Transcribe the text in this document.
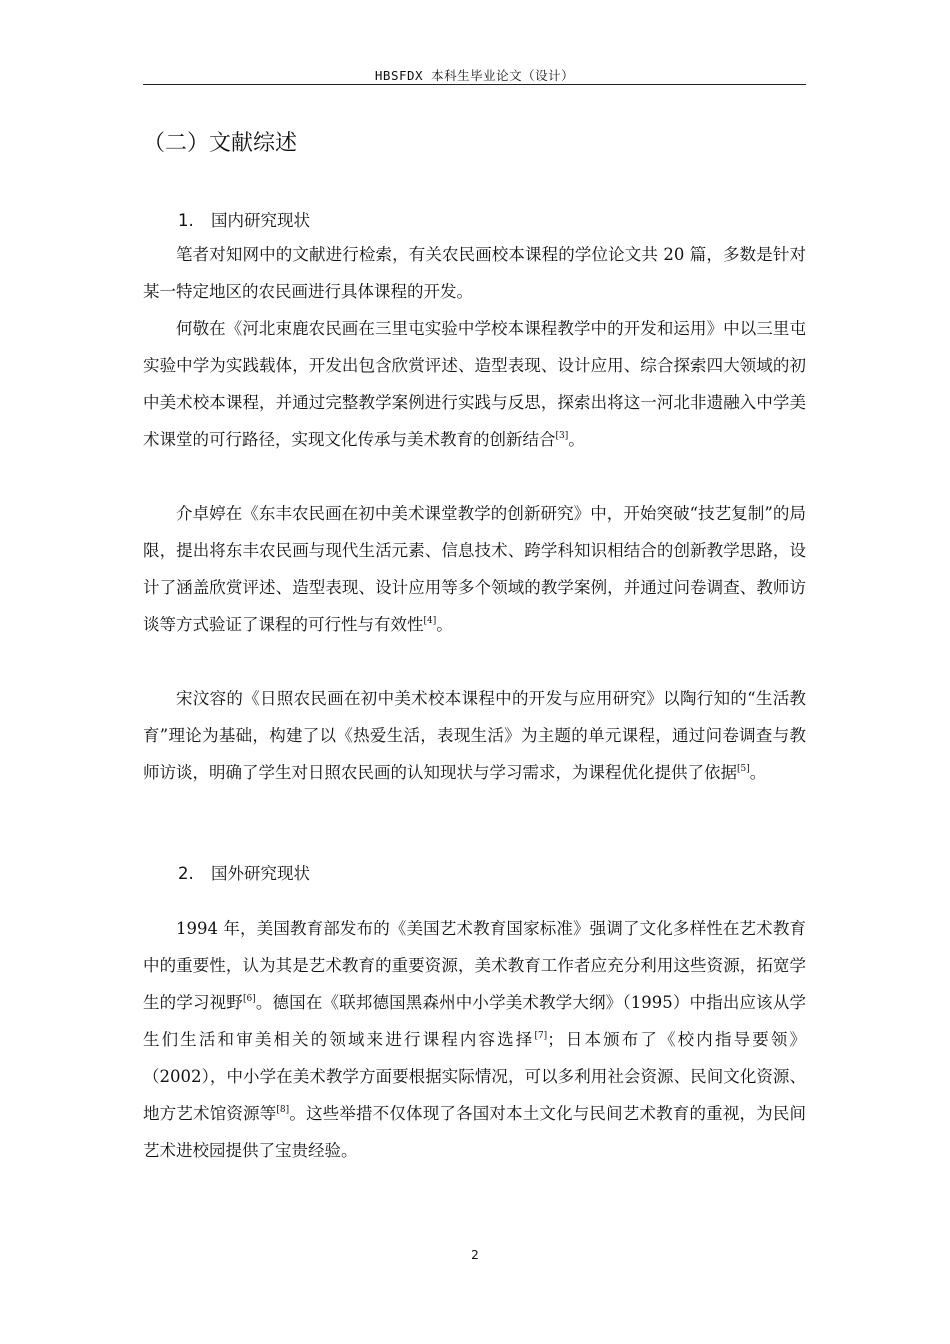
HBSFDX 本科生毕业论文（设计）
（二）文献综述
1. 国内研究现状

笔者对知网中的文献进行检索，有关农民画校本课程的学位论文共 20 篇，多数是针对某一特定地区的农民画进行具体课程的开发。

何敬在《河北束鹿农民画在三里屯实验中学校本课程教学中的开发和运用》中以三里屯实验中学为实践载体，开发出包含欣赏评述、造型表现、设计应用、综合探索四大领域的初中美术校本课程，并通过完整教学案例进行实践与反思，探索出将这一河北非遗融入中学美术课堂的可行路径，实现文化传承与美术教育的创新结合[3]。

介卓婷在《东丰农民画在初中美术课堂教学的创新研究》中，开始突破“技艺复制”的局限，提出将东丰农民画与现代生活元素、信息技术、跨学科知识相结合的创新教学思路，设计了涵盖欣赏评述、造型表现、设计应用等多个领域的教学案例，并通过问卷调查、教师访谈等方式验证了课程的可行性与有效性[4]。

宋汶容的《日照农民画在初中美术校本课程中的开发与应用研究》以陶行知的“生活教育”理论为基础，构建了以《热爱生活，表现生活》为主题的单元课程，通过问卷调查与教师访谈，明确了学生对日照农民画的认知现状与学习需求，为课程优化提供了依据[5]。

2. 国外研究现状

1994 年，美国教育部发布的《美国艺术教育国家标准》强调了文化多样性在艺术教育中的重要性，认为其是艺术教育的重要资源，美术教育工作者应充分利用这些资源，拓宽学生的学习视野[6]。德国在《联邦德国黑森州中小学美术教学大纲》（1995）中指出应该从学生们生活和审美相关的领域来进行课程内容选择[7]；日本颁布了《校内指导要领》（2002），中小学在美术教学方面要根据实际情况，可以多利用社会资源、民间文化资源、地方艺术馆资源等[8]。这些举措不仅体现了各国对本土文化与民间艺术教育的重视，为民间艺术进校园提供了宝贵经验。

2
